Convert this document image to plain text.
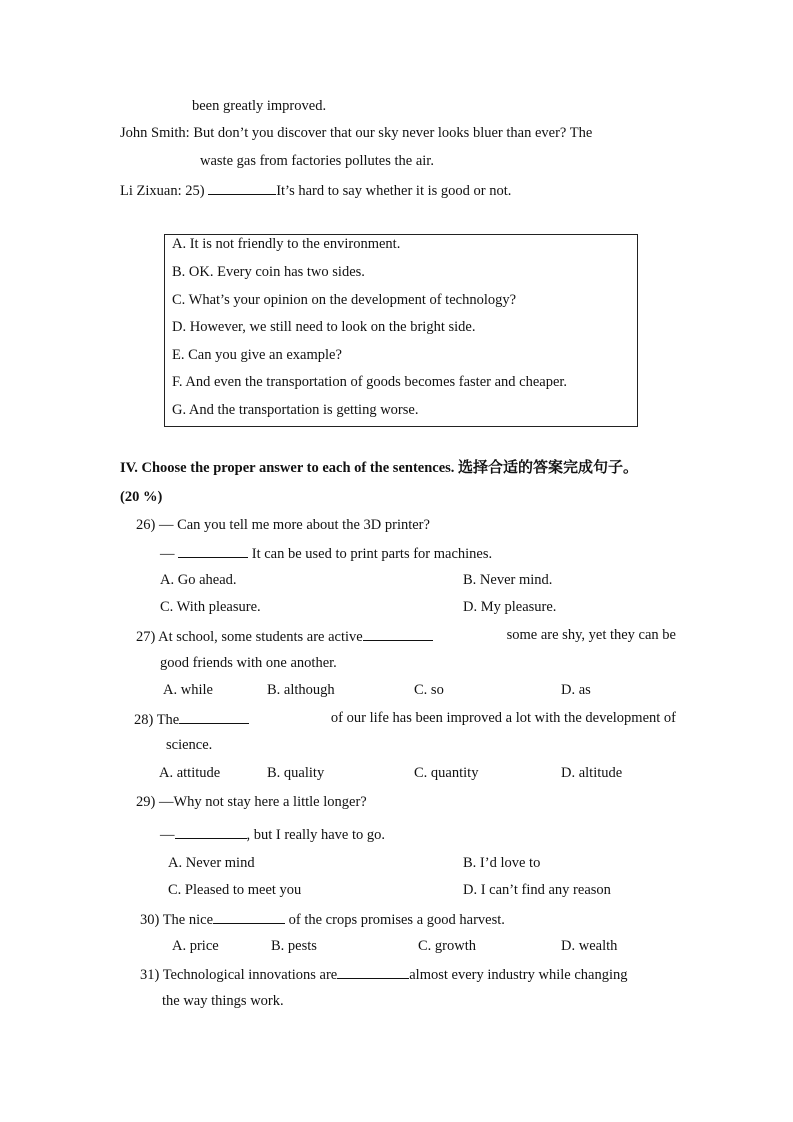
been greatly improved.
John Smith: But don’t you discover that our sky never looks bluer than ever? The
waste gas from factories pollutes the air.
Li Zixuan: 25)	It’s hard to say whether it is good or not.
A. It is not friendly to the environment.
B. OK. Every coin has two sides.
C. What’s your opinion on the development of technology?
D. However, we still need to look on the bright side.
E. Can you give an example?
F. And even the transportation of goods becomes faster and cheaper.
G. And the transportation is getting worse.
IV. Choose the proper answer to each of the sentences. 选择合适的答案完成句子。
(20 %)
26) — Can you tell me more about the 3D printer?
—	It can be used to print parts for machines.
A. Go ahead.	B. Never mind.
C. With pleasure.	D. My pleasure.
27) At school, some students are active	some are shy, yet they can be
good friends with one another.
A. while	B. although	C. so	D. as
28) The	of our life has been improved a lot with the development of
science.
A. attitude	B. quality	C. quantity	D. altitude
29) —Why not stay here a little longer?
—	, but I really have to go.
A. Never mind	B. I’d love to
C. Pleased to meet you	D. I can’t find any reason
30) The nice	of the crops promises a good harvest.
A. price	B. pests	C. growth	D. wealth
31) Technological innovations are	almost every industry while changing
the way things work.
